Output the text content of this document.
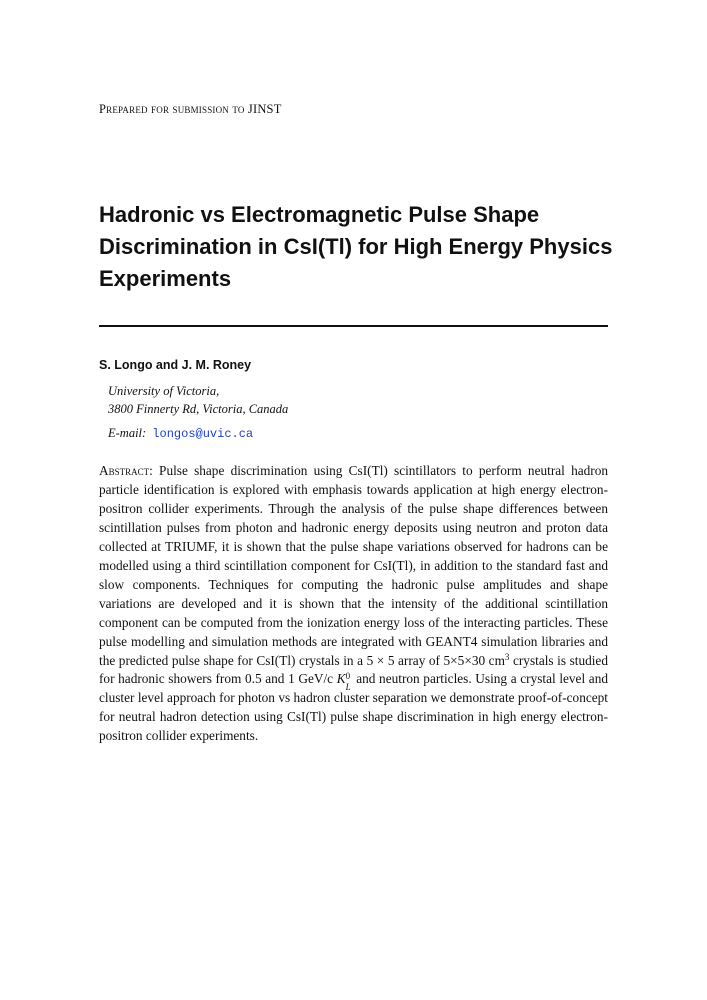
Prepared for submission to JINST
Hadronic vs Electromagnetic Pulse Shape Discrimination in CsI(Tl) for High Energy Physics Experiments
S. Longo and J. M. Roney
University of Victoria,
3800 Finnerty Rd, Victoria, Canada
E-mail: longos@uvic.ca

Abstract: Pulse shape discrimination using CsI(Tl) scintillators to perform neutral hadron particle identification is explored with emphasis towards application at high energy electron-positron collider experiments. Through the analysis of the pulse shape differences between scintillation pulses from photon and hadronic energy deposits using neutron and proton data collected at TRIUMF, it is shown that the pulse shape variations observed for hadrons can be modelled using a third scintillation component for CsI(Tl), in addition to the standard fast and slow components. Techniques for computing the hadronic pulse amplitudes and shape variations are developed and it is shown that the intensity of the additional scintillation component can be computed from the ionization energy loss of the interacting particles. These pulse modelling and simulation methods are integrated with GEANT4 simulation libraries and the predicted pulse shape for CsI(Tl) crystals in a 5 × 5 array of 5×5×30 $cm^3$ crystals is studied for hadronic showers from 0.5 and 1 GeV/c K 0
L
and neutron particles. Using a crystal level and cluster level approach for photon vs hadron cluster separation we demonstrate proof-of-concept for neutral hadron detection using CsI(Tl) pulse shape discrimination in high energy electron-positron collider experiments.
